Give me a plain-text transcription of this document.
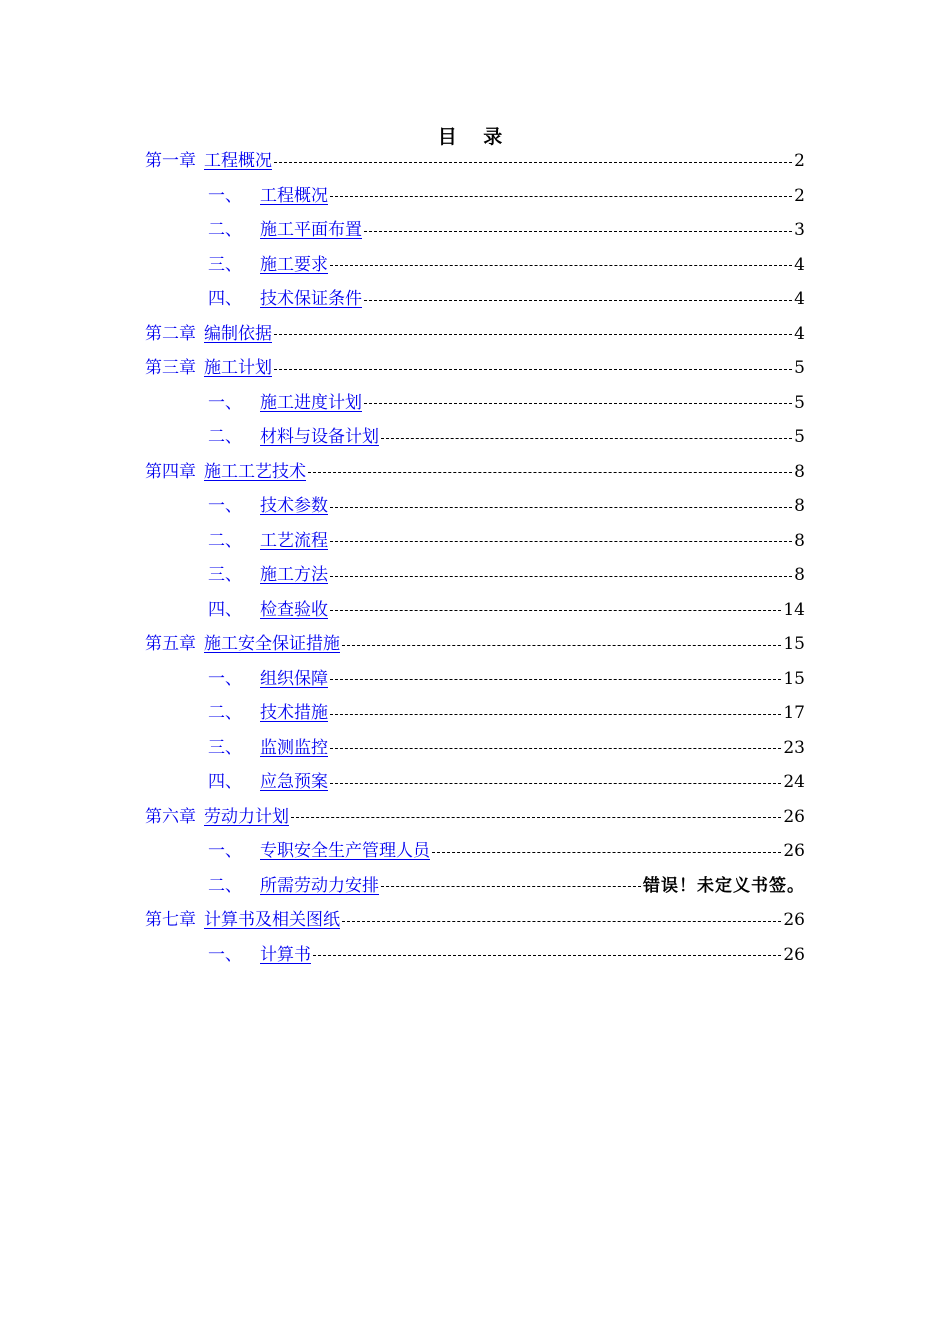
目 录
第一章 工程概况	2
一、 工程概况	2
二、 施工平面布置	3
三、 施工要求	4
四、 技术保证条件	4
第二章 编制依据	4
第三章 施工计划	5
一、 施工进度计划	5
二、 材料与设备计划	5
第四章 施工工艺技术	8
一、 技术参数	8
二、 工艺流程	8
三、 施工方法	8
四、 检查验收	14
第五章 施工安全保证措施	15
一、 组织保障	15
二、 技术措施	17
三、 监测监控	23
四、 应急预案	24
第六章 劳动力计划	26
一、 专职安全生产管理人员	26
二、 所需劳动力安排	错误！未定义书签。
第七章 计算书及相关图纸	26
一、 计算书	26
